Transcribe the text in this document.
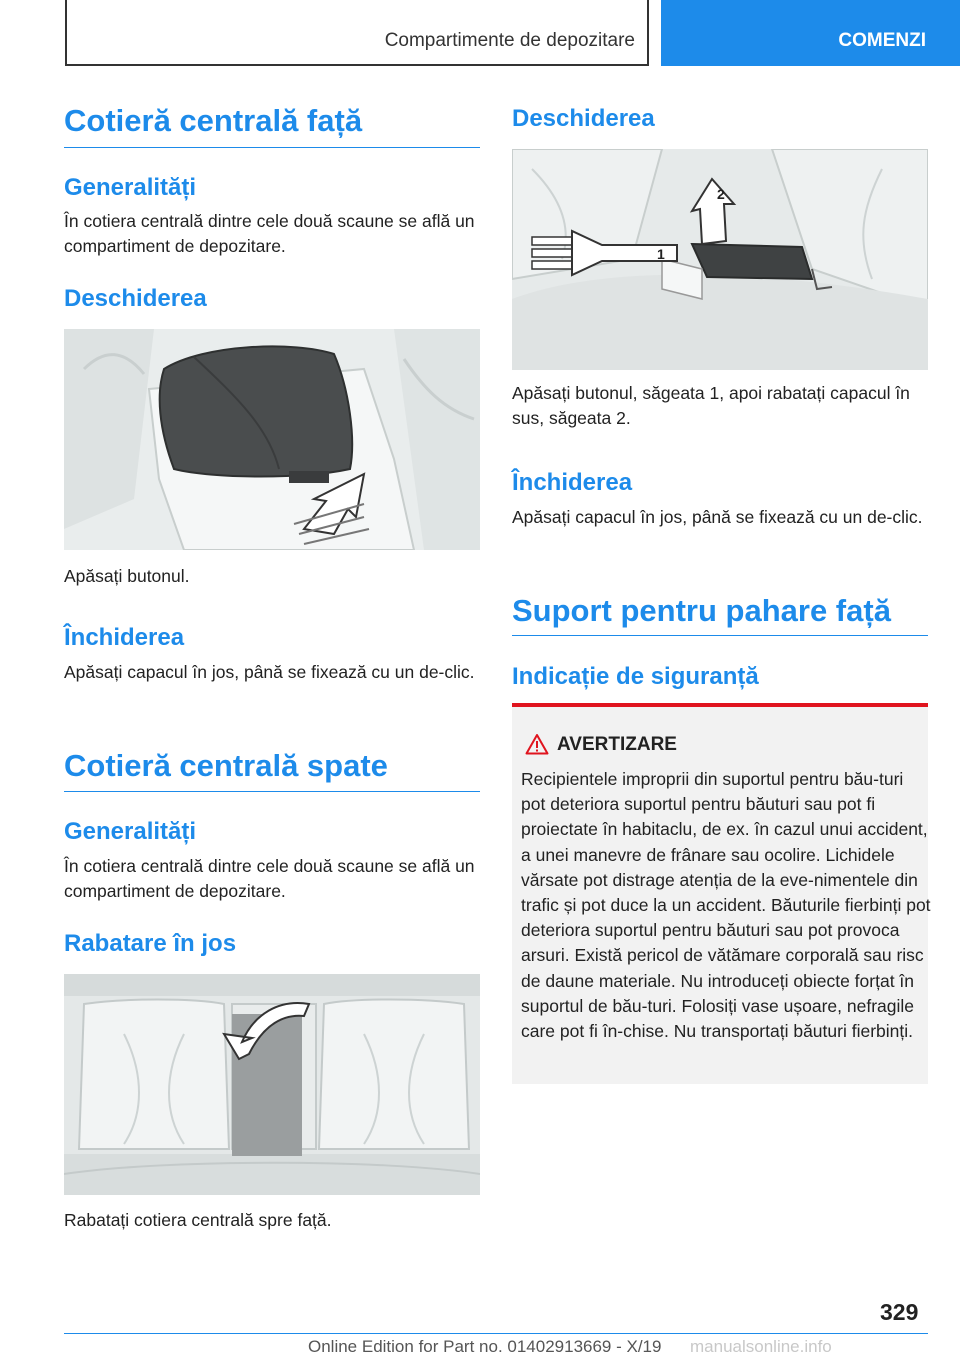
Compartimente de depozitare	COMENZI
Cotieră centrală față
Generalități
În cotiera centrală dintre cele două scaune se află un compartiment de depozitare.
Deschiderea
Apăsați butonul.
Închiderea
Apăsați capacul în jos, până se fixează cu un de-clic.
Cotieră centrală spate
Generalități
În cotiera centrală dintre cele două scaune se află un compartiment de depozitare.
Rabatare în jos
Rabatați cotiera centrală spre față.
Deschiderea
1
2
Apăsați butonul, săgeata 1, apoi rabatați capacul în sus, săgeata 2.
Închiderea
Apăsați capacul în jos, până se fixează cu un de-clic.
Suport pentru pahare față
Indicație de siguranță
AVERTIZARE
Recipientele improprii din suportul pentru bău-turi pot deteriora suportul pentru băuturi sau pot fi proiectate în habitaclu, de ex. în cazul unui accident, a unei manevre de frânare sau ocolire. Lichidele vărsate pot distrage atenția de la eve-nimentele din trafic și pot duce la un accident. Băuturile fierbinți pot deteriora suportul pentru băuturi sau pot provoca arsuri. Există pericol de vătămare corporală sau risc de daune materiale. Nu introduceți obiecte forțat în suportul de bău-turi. Folosiți vase ușoare, nefragile care pot fi în-chise. Nu transportați băuturi fierbinți.
329
Online Edition for Part no. 01402913669 - X/19 manualsonline.info
